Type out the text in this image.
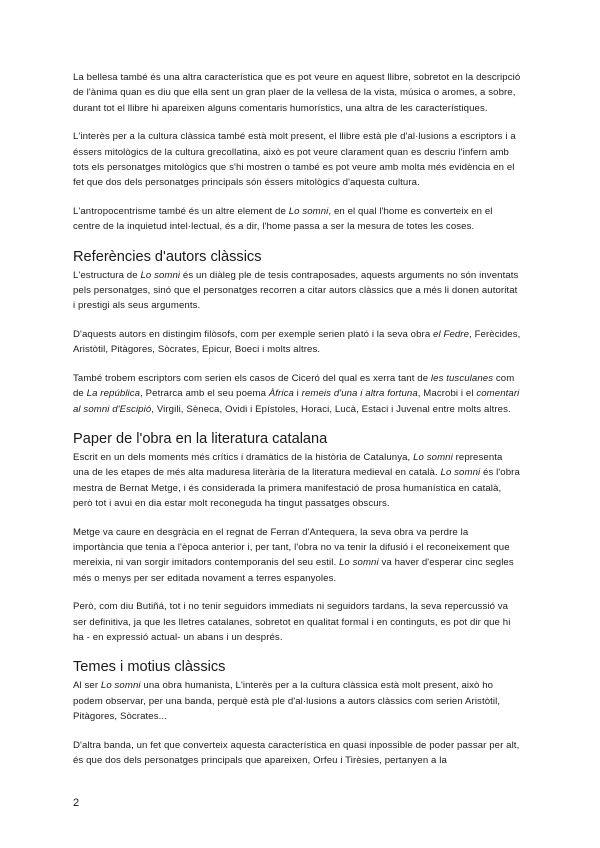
La bellesa també és una altra característica que es pot veure en aquest llibre, sobretot en la descripció de l'ànima quan es diu que ella sent un gran plaer de la vellesa de la vista, música o aromes, a sobre, durant tot el llibre hi apareixen alguns comentaris humorístics, una altra de les característiques.

L'interès per a la cultura clàssica també està molt present, el llibre està ple d'al·lusions a escriptors i a éssers mitològics de la cultura grecollatina, això es pot veure clarament quan es descriu l'infern amb tots els personatges mitològics que s'hi mostren o també es pot veure amb molta més evidència en el fet que dos dels personatges principals són éssers mitològics d'aquesta cultura.

L'antropocentrisme també és un altre element de Lo somni, en el qual l'home es converteix en el centre de la inquietud intel·lectual, és a dir, l'home passa a ser la mesura de totes les coses.

Referències d'autors clàssics

L'estructura de Lo somni és un diàleg ple de tesis contraposades, aquests arguments no són inventats pels personatges, sinó que el personatges recorren a citar autors clàssics que a més li donen autoritat i prestigi als seus arguments.

D'aquests autors en distingim filòsofs, com per exemple serien plató i la seva obra el Fedre, Ferècides, Aristòtil, Pitàgores, Sòcrates, Epicur, Boeci i molts altres.

També trobem escriptors com serien els casos de Ciceró del qual es xerra tant de les tusculanes com de La república, Petrarca amb el seu poema Àfrica i remeis d'una i altra fortuna, Macrobi i el comentari al somni d'Escipió, Virgili, Sèneca, Ovidi i Epístoles, Horaci, Lucà, Estaci i Juvenal entre molts altres.

Paper de l'obra en la literatura catalana

Escrit en un dels moments més crítics i dramàtics de la història de Catalunya, Lo somni representa una de les etapes de més alta maduresa literària de la literatura medieval en català. Lo somni és l'obra mestra de Bernat Metge, i és considerada la primera manifestació de prosa humanística en català, però tot i avui en dia estar molt reconeguda ha tingut passatges obscurs.

Metge va caure en desgràcia en el regnat de Ferran d'Antequera, la seva obra va perdre la importància que tenia a l'època anterior i, per tant, l'obra no va tenir la difusió i el reconeixement que mereixia, ni van sorgir imitadors contemporanis del seu estil. Lo somni va haver d'esperar cinc segles més o menys per ser editada novament a terres espanyoles.

Però, com diu Butiñá, tot i no tenir seguidors immediats ni seguidors tardans, la seva repercussió va ser definitiva, ja que les lletres catalanes, sobretot en qualitat formal i en continguts, es pot dir que hi ha - en expressió actual- un abans i un després.

Temes i motius clàssics

Al ser Lo somni una obra humanista, L'interès per a la cultura clàssica està molt present, això ho podem observar, per una banda, perquè està ple d'al·lusions a autors clàssics com serien Aristòtil, Pitàgores, Sòcrates...

D'altra banda, un fet que converteix aquesta característica en quasi inpossible de poder passar per alt, és que dos dels personatges principals que apareixen, Orfeu i Tirèsies, pertanyen a la

2
